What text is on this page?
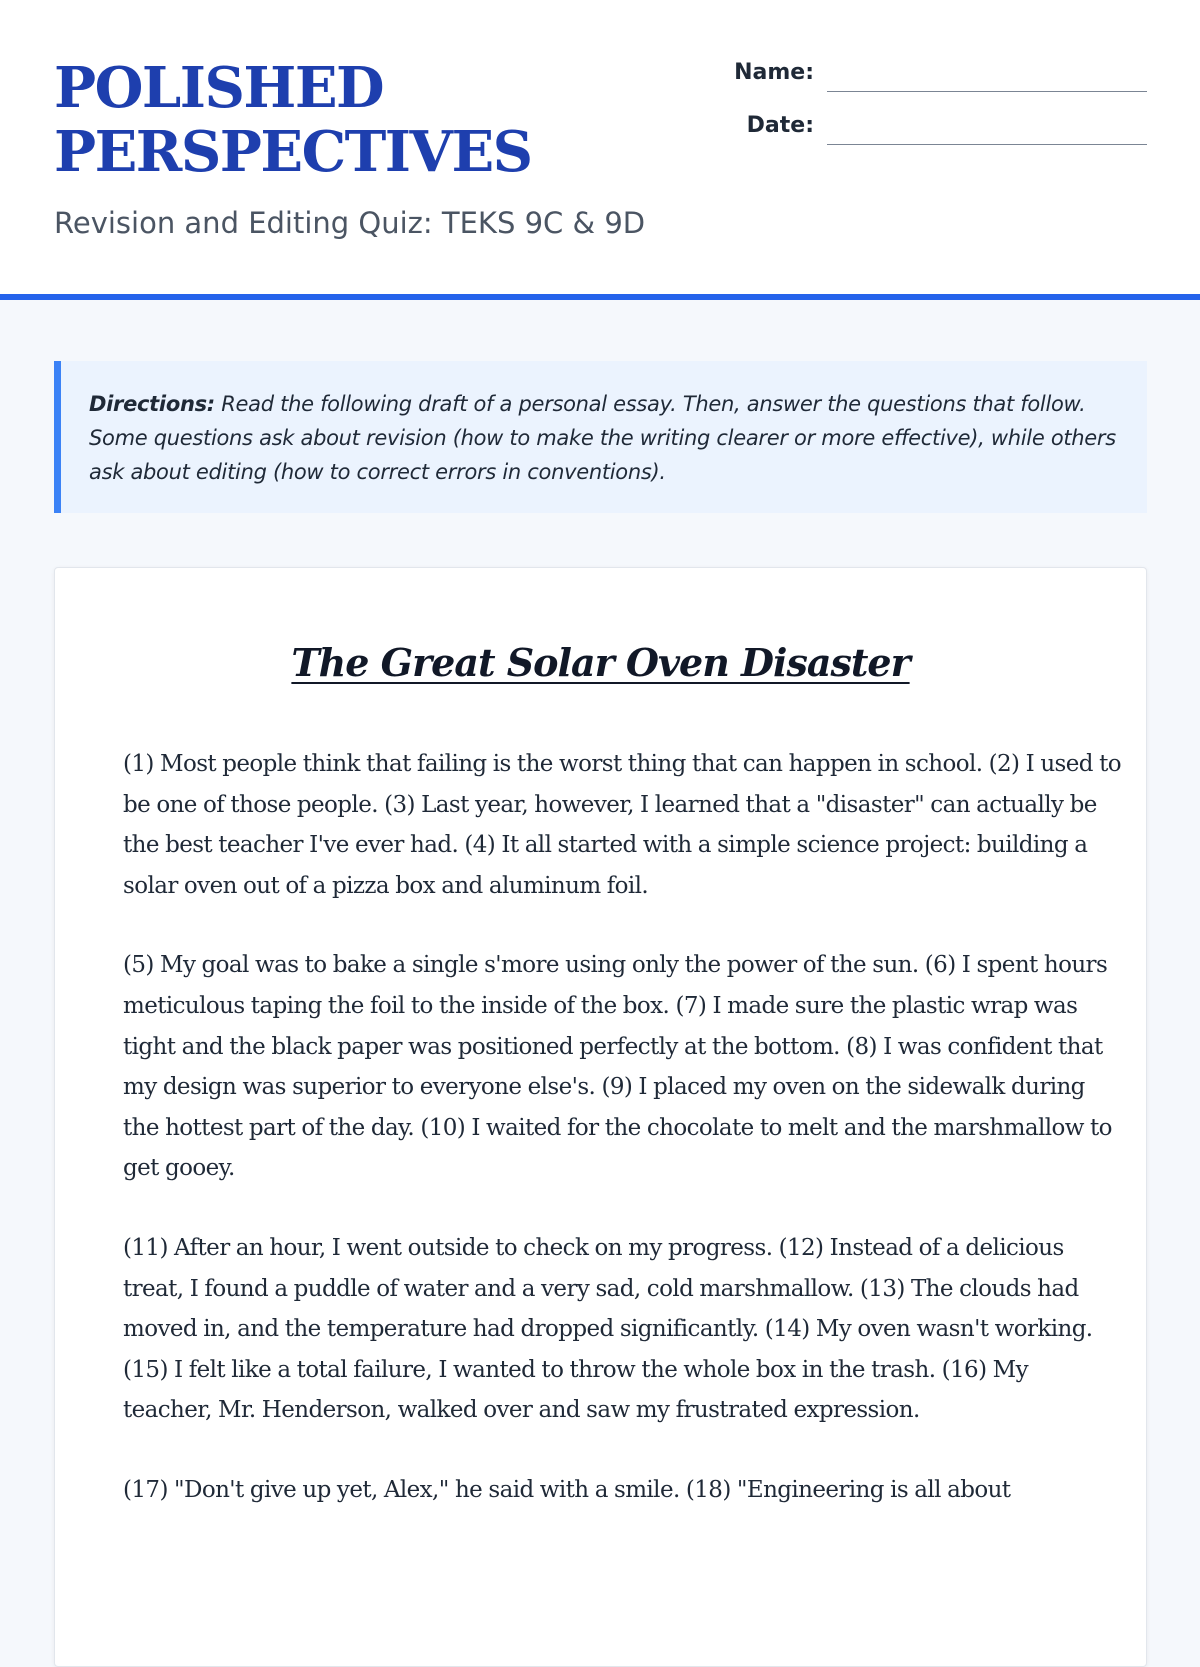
POLISHED PERSPECTIVES

Revision and Editing Quiz: TEKS 9C & 9D

Name:
Date:
Directions: Read the following draft of a personal essay. Then, answer the questions that follow. Some questions ask about revision (how to make the writing clearer or more effective), while others ask about editing (how to correct errors in conventions).
The Great Solar Oven Disaster

(1) Most people think that failing is the worst thing that can happen in school. (2) I used to be one of those people. (3) Last year, however, I learned that a "disaster" can actually be the best teacher I've ever had. (4) It all started with a simple science project: building a solar oven out of a pizza box and aluminum foil.

(5) My goal was to bake a single s'more using only the power of the sun. (6) I spent hours meticulous taping the foil to the inside of the box. (7) I made sure the plastic wrap was tight and the black paper was positioned perfectly at the bottom. (8) I was confident that my design was superior to everyone else's. (9) I placed my oven on the sidewalk during the hottest part of the day. (10) I waited for the chocolate to melt and the marshmallow to get gooey.

(11) After an hour, I went outside to check on my progress. (12) Instead of a delicious treat, I found a puddle of water and a very sad, cold marshmallow. (13) The clouds had moved in, and the temperature had dropped significantly. (14) My oven wasn't working. (15) I felt like a total failure, I wanted to throw the whole box in the trash. (16) My teacher, Mr. Henderson, walked over and saw my frustrated expression.

(17) "Don't give up yet, Alex," he said with a smile. (18) "Engineering is all about
